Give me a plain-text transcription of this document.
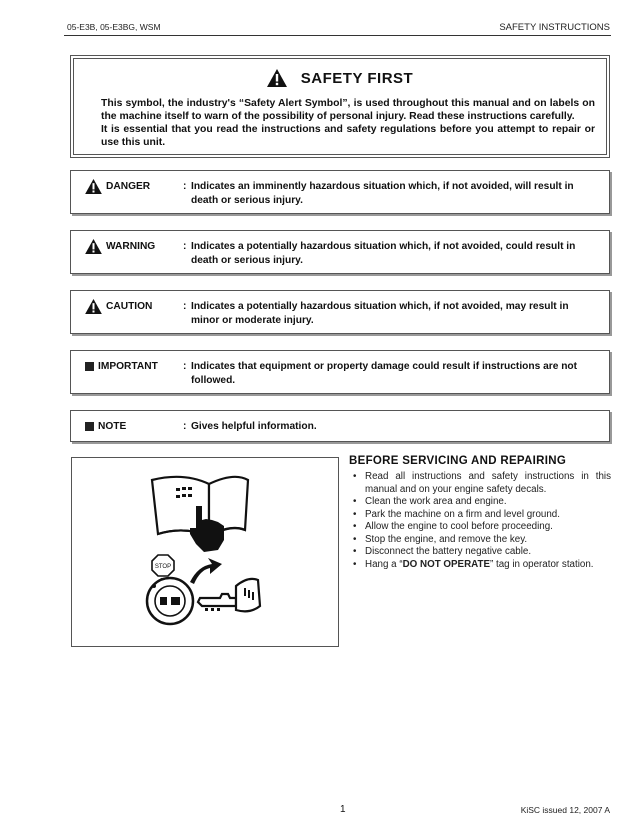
05-E3B, 05-E3BG, WSM	SAFETY INSTRUCTIONS
SAFETY FIRST

This symbol, the industry's “Safety Alert Symbol”, is used throughout this manual and on labels on the machine itself to warn of the possibility of personal injury. Read these instructions carefully.

It is essential that you read the instructions and safety regulations before you attempt to repair or use this unit.

DANGER	: Indicates an imminently hazardous situation which, if not avoided, will result in
death or serious injury.
WARNING	: Indicates a potentially hazardous situation which, if not avoided, could result in
death or serious injury.
CAUTION	: Indicates a potentially hazardous situation which, if not avoided, may result in
minor or moderate injury.
IMPORTANT : Indicates that equipment or property damage could result if instructions are not
followed.
NOTE	: Gives helpful information.
STOP
BEFORE SERVICING AND REPAIRING
• Read all instructions and safety instructions in this manual and on your engine safety decals.
• Clean the work area and engine.
• Park the machine on a firm and level ground.
• Allow the engine to cool before proceeding.
• Stop the engine, and remove the key.
• Disconnect the battery negative cable.
• Hang a “DO NOT OPERATE” tag in operator station.
1	KiSC issued 12, 2007 A
